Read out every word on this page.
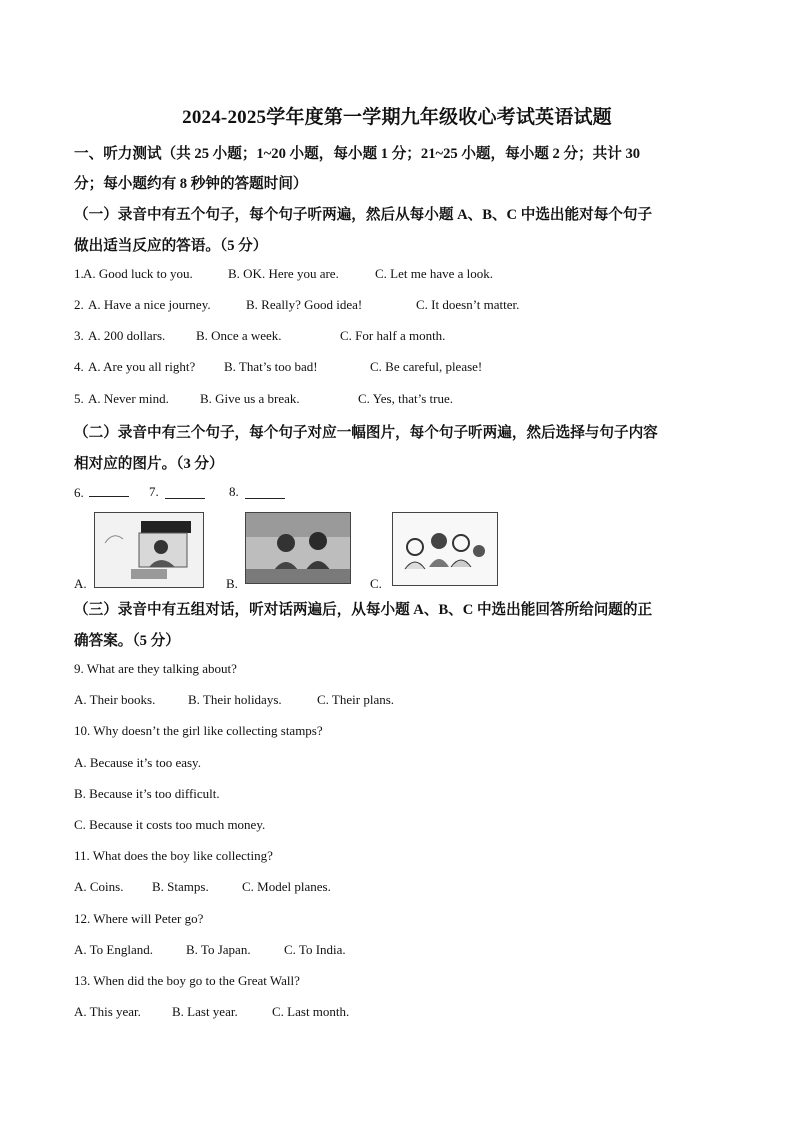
2024-2025学年度第一学期九年级收心考试英语试题
一、听力测试（共 25 小题；1~20 小题，每小题 1 分；21~25 小题，每小题 2 分；共计 30
分；每小题约有 8 秒钟的答题时间）
（一）录音中有五个句子，每个句子听两遍，然后从每小题 A、B、C 中选出能对每个句子
做出适当反应的答语。（5 分）
1. A. Good luck to you.	B. OK. Here you are.	C. Let me have a look.
2. A. Have a nice journey.	B. Really? Good idea!	C. It doesn’t matter.
3. A. 200 dollars. B. Once a week.	C. For half a month.
4. A. Are you all right? B. That’s too bad!	C. Be careful, please!
5. A. Never mind. B. Give us a break.	C. Yes, that’s true.
（二）录音中有三个句子，每个句子对应一幅图片，每个句子听两遍，然后选择与句子内容
相对应的图片。（3 分）
6.	7.	8.
A.	B.	C.
（三）录音中有五组对话，听对话两遍后，从每小题 A、B、C 中选出能回答所给问题的正
确答案。（5 分）
9. What are they talking about?
A. Their books.	B. Their holidays.	C. Their plans.
10. Why doesn’t the girl like collecting stamps?
A. Because it’s too easy.
B. Because it’s too difficult.
C. Because it costs too much money.
11. What does the boy like collecting?
A. Coins. B. Stamps.	C. Model planes.
12. Where will Peter go?
A. To England.	B. To Japan.	C. To India.
13. When did the boy go to the Great Wall?
A. This year. B. Last year.	C. Last month.
